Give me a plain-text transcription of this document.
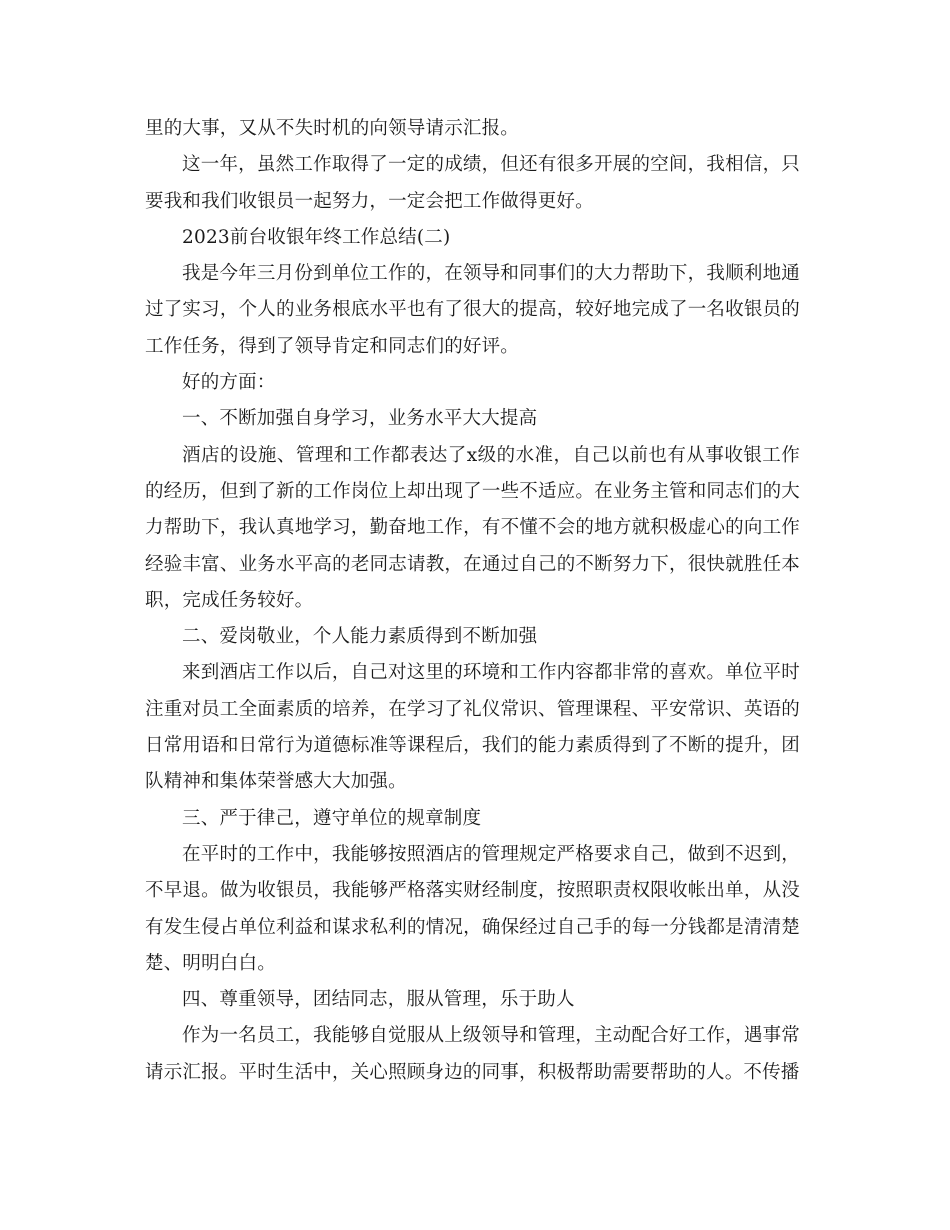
里的大事，又从不失时机的向领导请示汇报。

这一年，虽然工作取得了一定的成绩，但还有很多开展的空间，我相信，只要我和我们收银员一起努力，一定会把工作做得更好。

2023前台收银年终工作总结(二)

我是今年三月份到单位工作的，在领导和同事们的大力帮助下，我顺利地通过了实习，个人的业务根底水平也有了很大的提高，较好地完成了一名收银员的工作任务，得到了领导肯定和同志们的好评。

好的方面：

一、不断加强自身学习，业务水平大大提高

酒店的设施、管理和工作都表达了x级的水准，自己以前也有从事收银工作的经历，但到了新的工作岗位上却出现了一些不适应。在业务主管和同志们的大力帮助下，我认真地学习，勤奋地工作，有不懂不会的地方就积极虚心的向工作经验丰富、业务水平高的老同志请教，在通过自己的不断努力下，很快就胜任本职，完成任务较好。

二、爱岗敬业，个人能力素质得到不断加强

来到酒店工作以后，自己对这里的环境和工作内容都非常的喜欢。单位平时注重对员工全面素质的培养，在学习了礼仪常识、管理课程、平安常识、英语的日常用语和日常行为道德标准等课程后，我们的能力素质得到了不断的提升，团队精神和集体荣誉感大大加强。

三、严于律己，遵守单位的规章制度

在平时的工作中，我能够按照酒店的管理规定严格要求自己，做到不迟到，不早退。做为收银员，我能够严格落实财经制度，按照职责权限收帐出单，从没有发生侵占单位利益和谋求私利的情况，确保经过自己手的每一分钱都是清清楚楚、明明白白。

四、尊重领导，团结同志，服从管理，乐于助人

作为一名员工，我能够自觉服从上级领导和管理，主动配合好工作，遇事常请示汇报。平时生活中，关心照顾身边的同事，积极帮助需要帮助的人。不传播
